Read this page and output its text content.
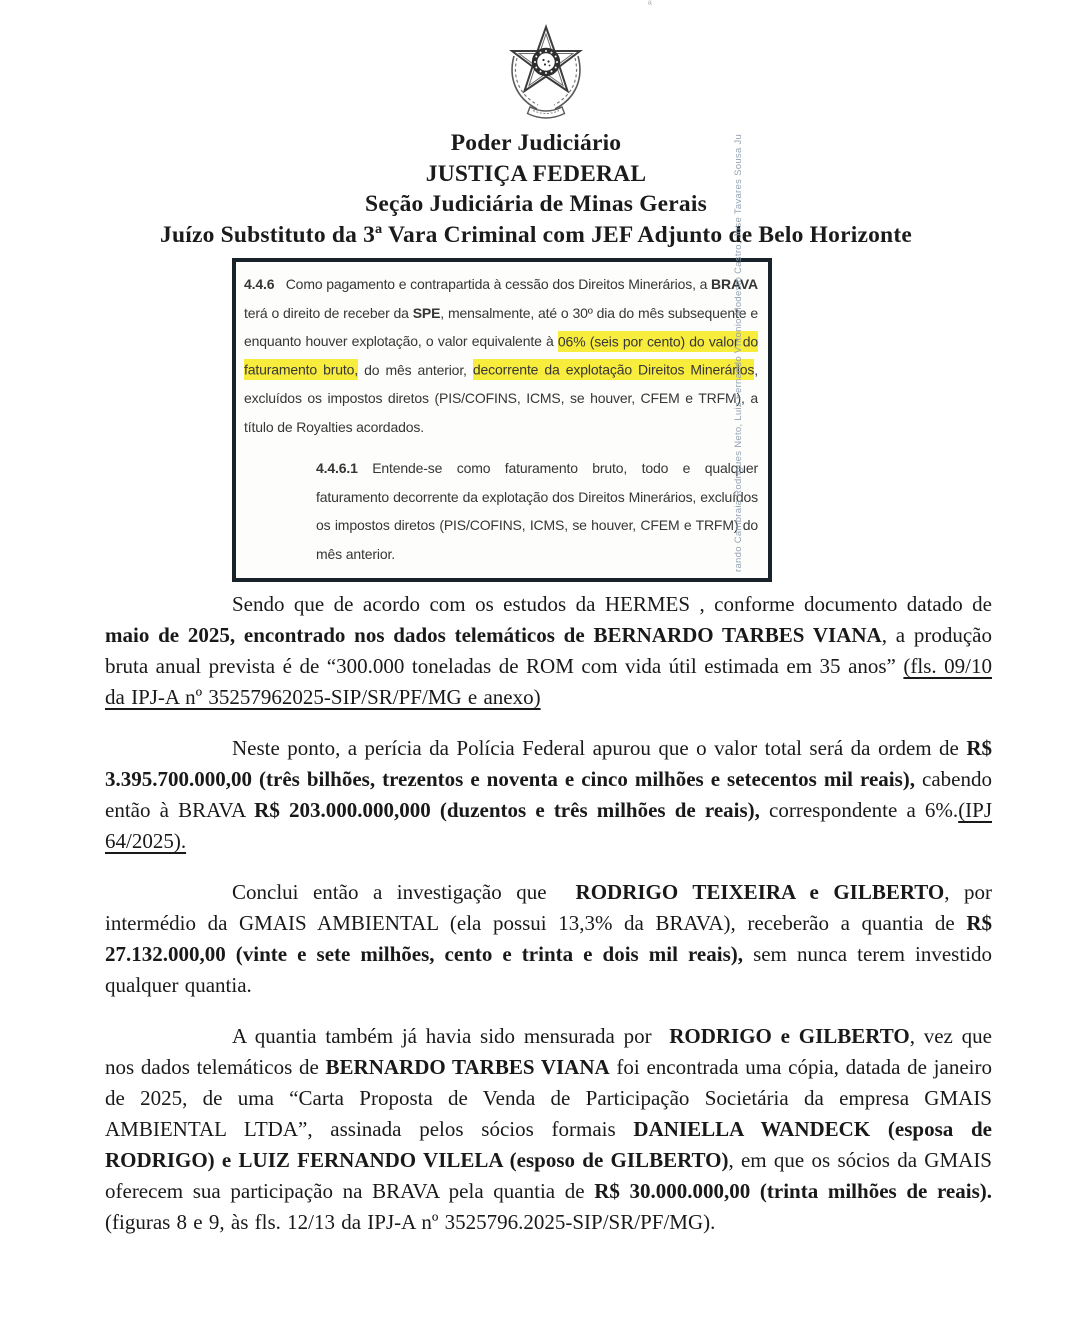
ª
Poder Judiciário
JUSTIÇA FEDERAL
Seção Judiciária de Minas Gerais
Juízo Substituto da 3ª Vara Criminal com JEF Adjunto de Belo Horizonte

4.4.6   Como pagamento e contrapartida à cessão dos Direitos Minerários, a BRAVA terá o direito de receber da SPE, mensalmente, até o 30º dia do mês subsequente e enquanto houver explotação, o valor equivalente à 06% (seis por cento) do valor do faturamento bruto, do mês anterior, decorrente da explotação Direitos Minerários, excluídos os impostos diretos (PIS/COFINS, ICMS, se houver, CFEM e TRFM), a título de Royalties acordados.

4.4.6.1 Entende-se como faturamento bruto, todo e qualquer faturamento decorrente da explotação dos Direitos Minerários, excluídos os impostos diretos (PIS/COFINS, ICMS, se houver, CFEM e TRFM) do mês anterior.	rando Cambraia Rodrigues Neto, Luiz Fernando V
ntonio Modesto Castro, Jose Tavares Sousa Ju

Sendo que de acordo com os estudos da HERMES , conforme documento datado de maio de 2025, encontrado nos dados telemáticos de BERNARDO TARBES VIANA, a produção bruta anual prevista é de “300.000 toneladas de ROM com vida útil estimada em 35 anos” (fls. 09/10 da IPJ-A nº 35257962025-SIP/SR/PF/MG e anexo)

Neste ponto, a perícia da Polícia Federal apurou que o valor total será da ordem de R$ 3.395.700.000,00 (três bilhões, trezentos e noventa e cinco milhões e setecentos mil reais), cabendo então à BRAVA R$ 203.000.000,000 (duzentos e três milhões de reais), correspondente a 6%.(IPJ 64/2025).

Conclui então a investigação que  RODRIGO TEIXEIRA e GILBERTO, por intermédio da GMAIS AMBIENTAL (ela possui 13,3% da BRAVA), receberão a quantia de R$ 27.132.000,00 (vinte e sete milhões, cento e trinta e dois mil reais), sem nunca terem investido qualquer quantia.

A quantia também já havia sido mensurada por  RODRIGO e GILBERTO, vez que nos dados telemáticos de BERNARDO TARBES VIANA foi encontrada uma cópia, datada de janeiro de 2025, de uma “Carta Proposta de Venda de Participação Societária da empresa GMAIS AMBIENTAL LTDA”, assinada pelos sócios formais DANIELLA WANDECK (esposa de RODRIGO) e LUIZ FERNANDO VILELA (esposo de GILBERTO), em que os sócios da GMAIS oferecem sua participação na BRAVA pela quantia de R$ 30.000.000,00 (trinta milhões de reais). (figuras 8 e 9, às fls. 12/13 da IPJ-A nº 3525796.2025-SIP/SR/PF/MG).
